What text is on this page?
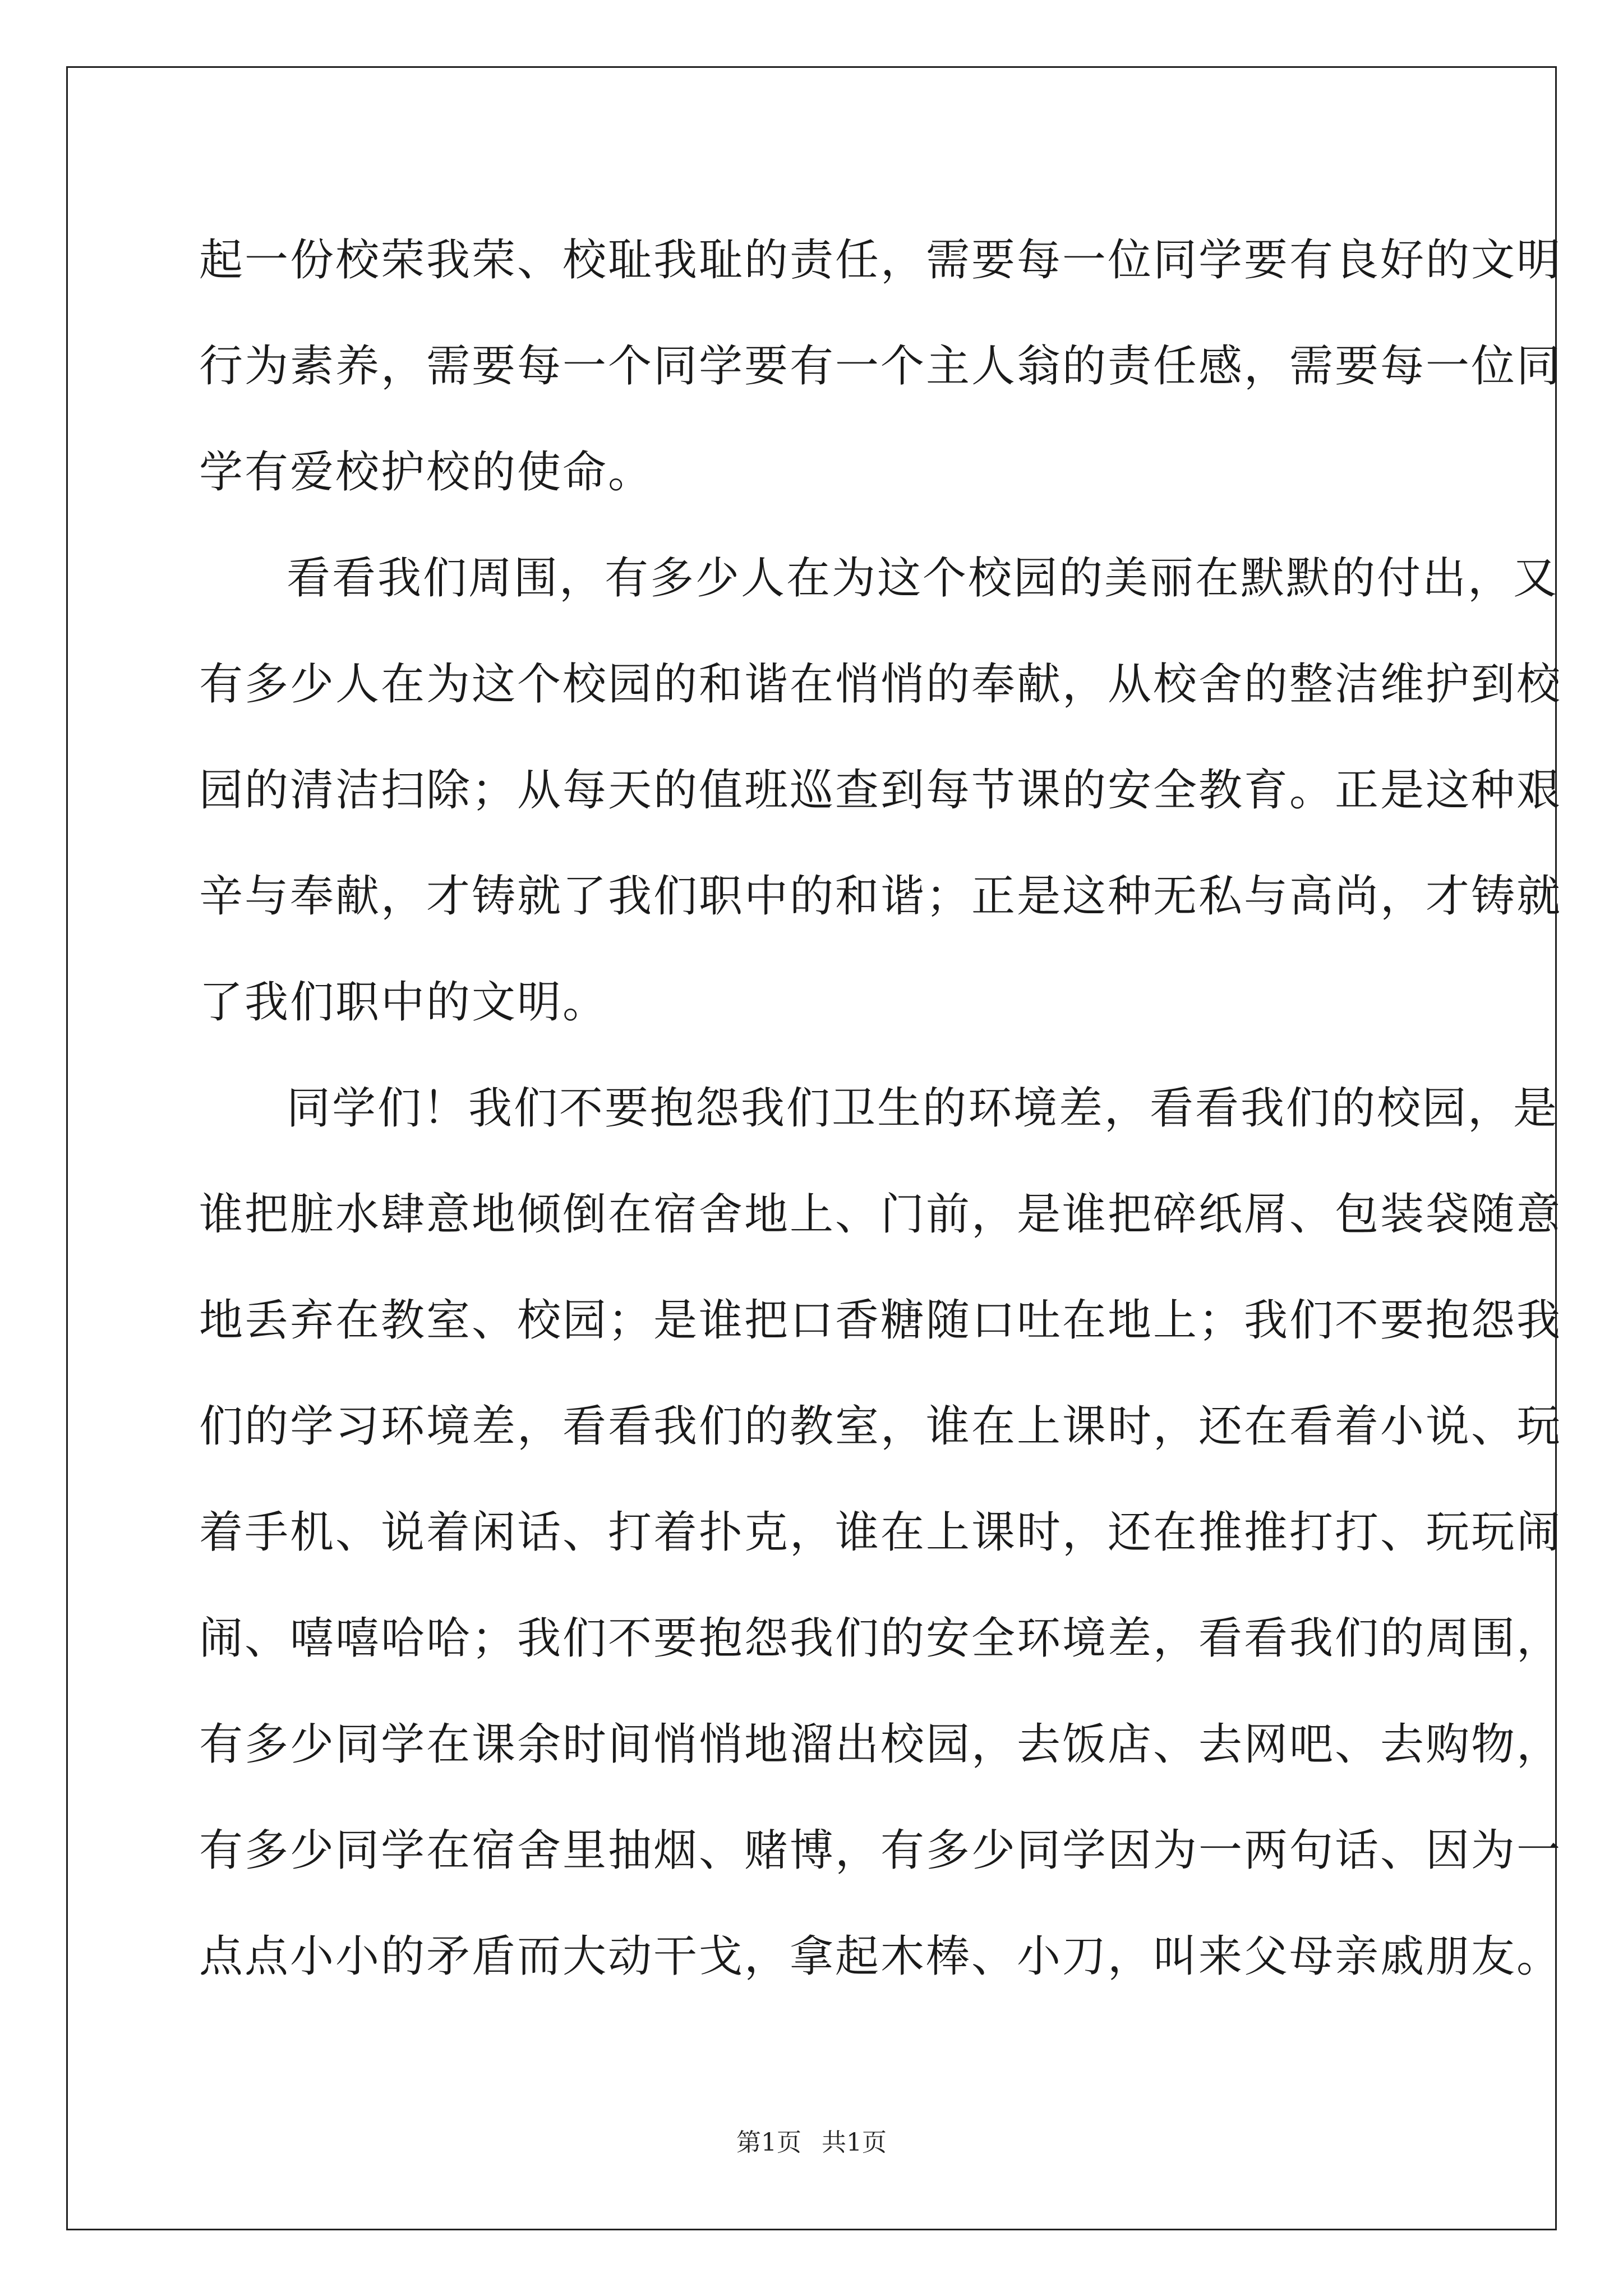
起一份校荣我荣、校耻我耻的责任，需要每一位同学要有良好的文明
行为素养，需要每一个同学要有一个主人翁的责任感，需要每一位同
学有爱校护校的使命。

看看我们周围，有多少人在为这个校园的美丽在默默的付出，又
有多少人在为这个校园的和谐在悄悄的奉献，从校舍的整洁维护到校
园的清洁扫除；从每天的值班巡查到每节课的安全教育。正是这种艰
辛与奉献，才铸就了我们职中的和谐；正是这种无私与高尚，才铸就
了我们职中的文明。

同学们！我们不要抱怨我们卫生的环境差，看看我们的校园，是
谁把脏水肆意地倾倒在宿舍地上、门前，是谁把碎纸屑、包装袋随意
地丢弃在教室、校园；是谁把口香糖随口吐在地上；我们不要抱怨我
们的学习环境差，看看我们的教室，谁在上课时，还在看着小说、玩
着手机、说着闲话、打着扑克，谁在上课时，还在推推打打、玩玩闹
闹、嘻嘻哈哈；我们不要抱怨我们的安全环境差，看看我们的周围，
有多少同学在课余时间悄悄地溜出校园，去饭店、去网吧、去购物，
有多少同学在宿舍里抽烟、赌博，有多少同学因为一两句话、因为一
点点小小的矛盾而大动干戈，拿起木棒、小刀，叫来父母亲戚朋友。

第1页 共1页
